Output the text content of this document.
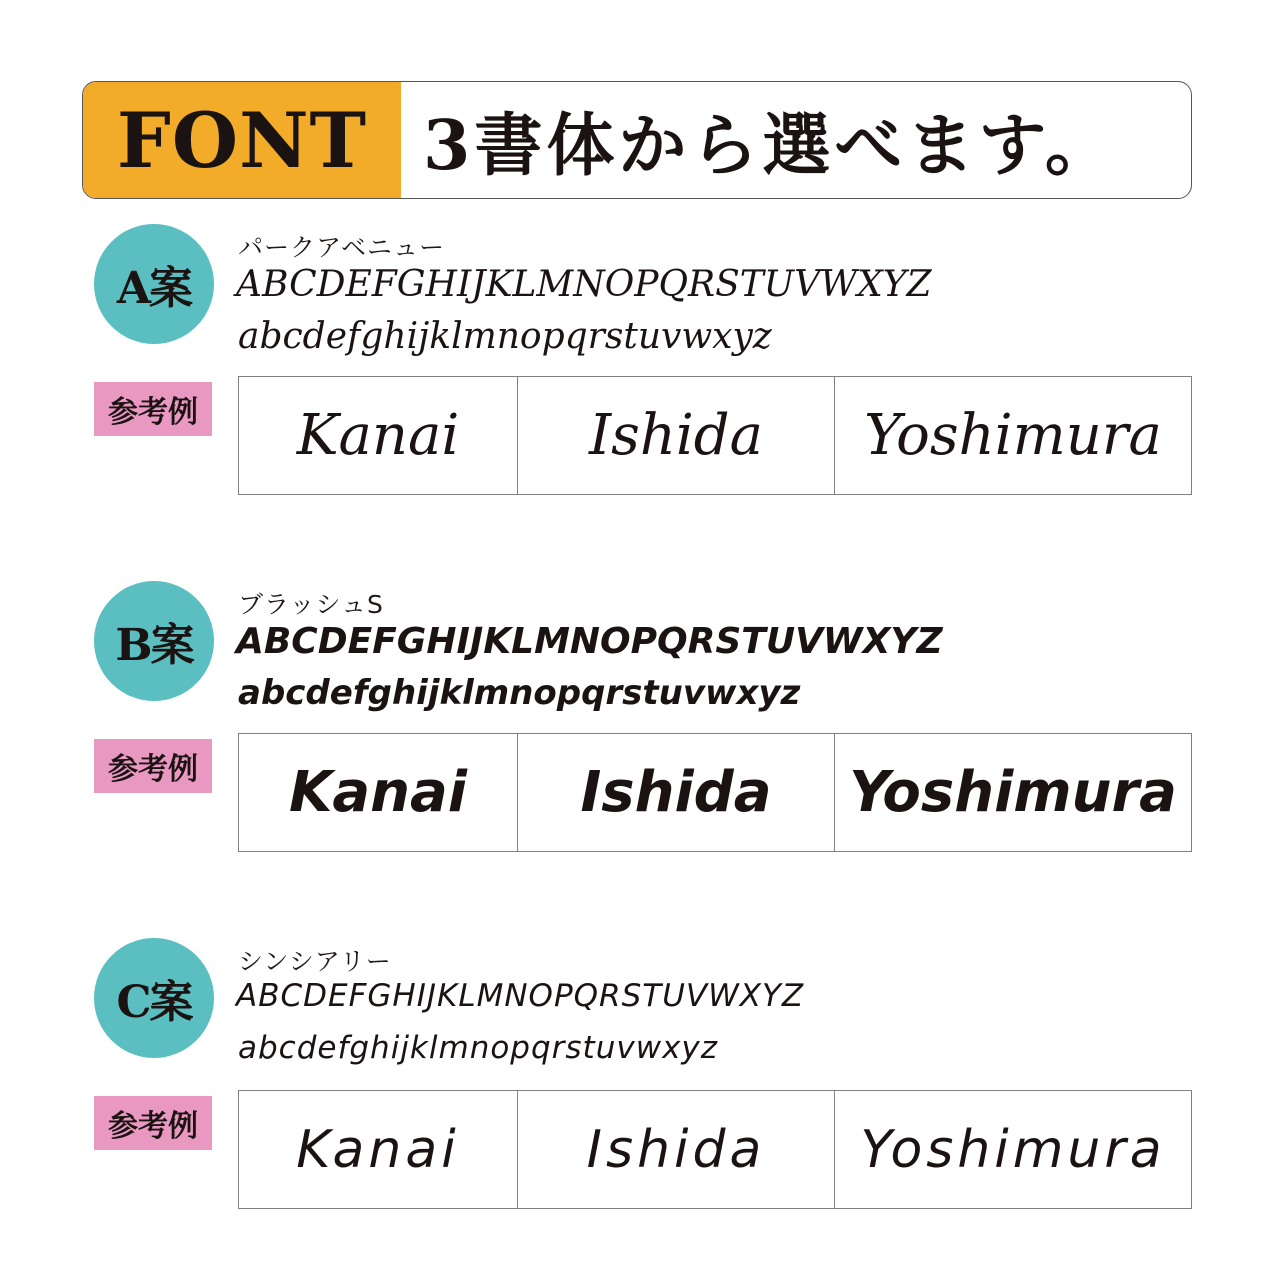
FONT 3書体から選べます。
A案
パークアベニュー
ABCDEFGHIJKLMNOPQRSTUVWXYZ
abcdefghijklmnopqrstuvwxyz
参考例	Kanai	Ishida	Yoshimura
B案
ブラッシュS
ABCDEFGHIJKLMNOPQRSTUVWXYZ
abcdefghijklmnopqrstuvwxyz
参考例	Kanai	Ishida	Yoshimura
C案
シンシアリー
ABCDEFGHIJKLMNOPQRSTUVWXYZ
abcdefghijklmnopqrstuvwxyz
参考例	Kanai	Ishida	Yoshimura
